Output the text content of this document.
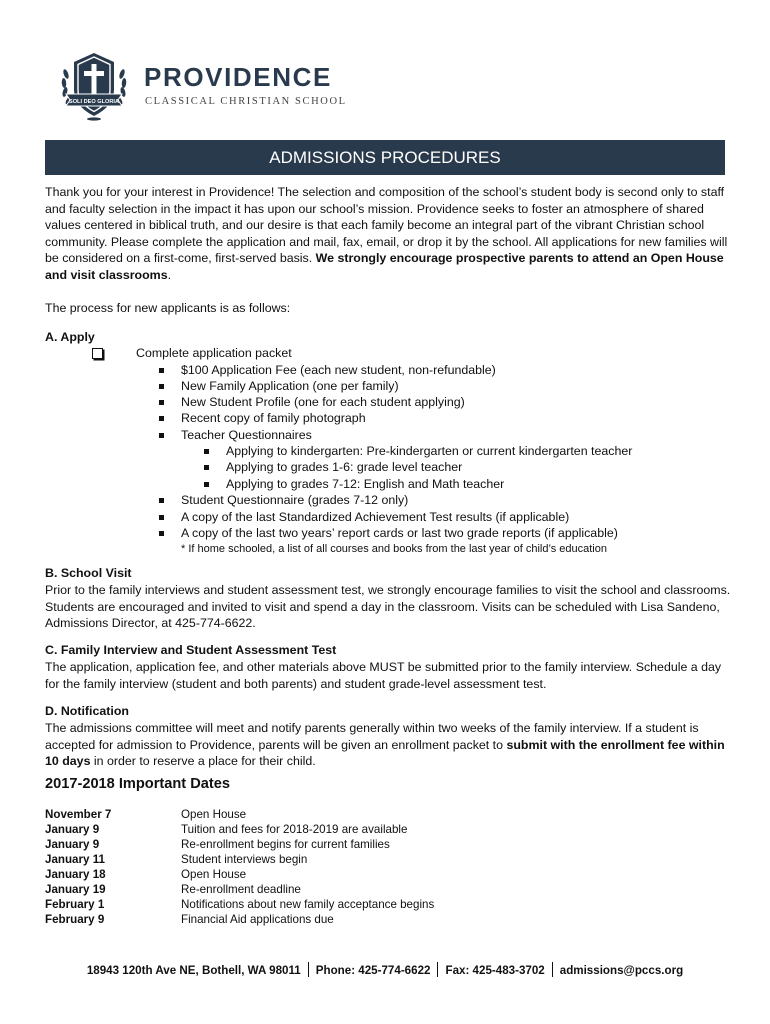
SOLI DEO GLORIA
PROVIDENCE
CLASSICAL CHRISTIAN SCHOOL
ADMISSIONS PROCEDURES
Thank you for your interest in Providence! The selection and composition of the school’s student body is second only to staff and faculty selection in the impact it has upon our school’s mission. Providence seeks to foster an atmosphere of shared values centered in biblical truth, and our desire is that each family become an integral part of the vibrant Christian school community. Please complete the application and mail, fax, email, or drop it by the school. All applications for new families will be considered on a first-come, first-served basis. We strongly encourage prospective parents to attend an Open House and visit classrooms.
The process for new applicants is as follows:
A. Apply
Complete application packet
$100 Application Fee (each new student, non-refundable)
New Family Application (one per family)
New Student Profile (one for each student applying)
Recent copy of family photograph
Teacher Questionnaires
Applying to kindergarten: Pre-kindergarten or current kindergarten teacher
Applying to grades 1-6: grade level teacher
Applying to grades 7-12: English and Math teacher
Student Questionnaire (grades 7-12 only)
A copy of the last Standardized Achievement Test results (if applicable)
A copy of the last two years’ report cards or last two grade reports (if applicable)
* If home schooled, a list of all courses and books from the last year of child’s education
B. School Visit
Prior to the family interviews and student assessment test, we strongly encourage families to visit the school and classrooms. Students are encouraged and invited to visit and spend a day in the classroom. Visits can be scheduled with Lisa Sandeno, Admissions Director, at 425-774-6622.
C. Family Interview and Student Assessment Test
The application, application fee, and other materials above MUST be submitted prior to the family interview. Schedule a day for the family interview (student and both parents) and student grade-level assessment test.
D. Notification
The admissions committee will meet and notify parents generally within two weeks of the family interview. If a student is accepted for admission to Providence, parents will be given an enrollment packet to submit with the enrollment fee within 10 days in order to reserve a place for their child.
2017-2018 Important Dates
November 7	Open House
January 9	Tuition and fees for 2018-2019 are available
January 9	Re-enrollment begins for current families
January 11	Student interviews begin
January 18	Open House
January 19	Re-enrollment deadline
February 1	Notifications about new family acceptance begins
February 9	Financial Aid applications due
18943 120th Ave NE, Bothell, WA 98011 Phone: 425-774-6622 Fax: 425-483-3702 admissions@pccs.org
